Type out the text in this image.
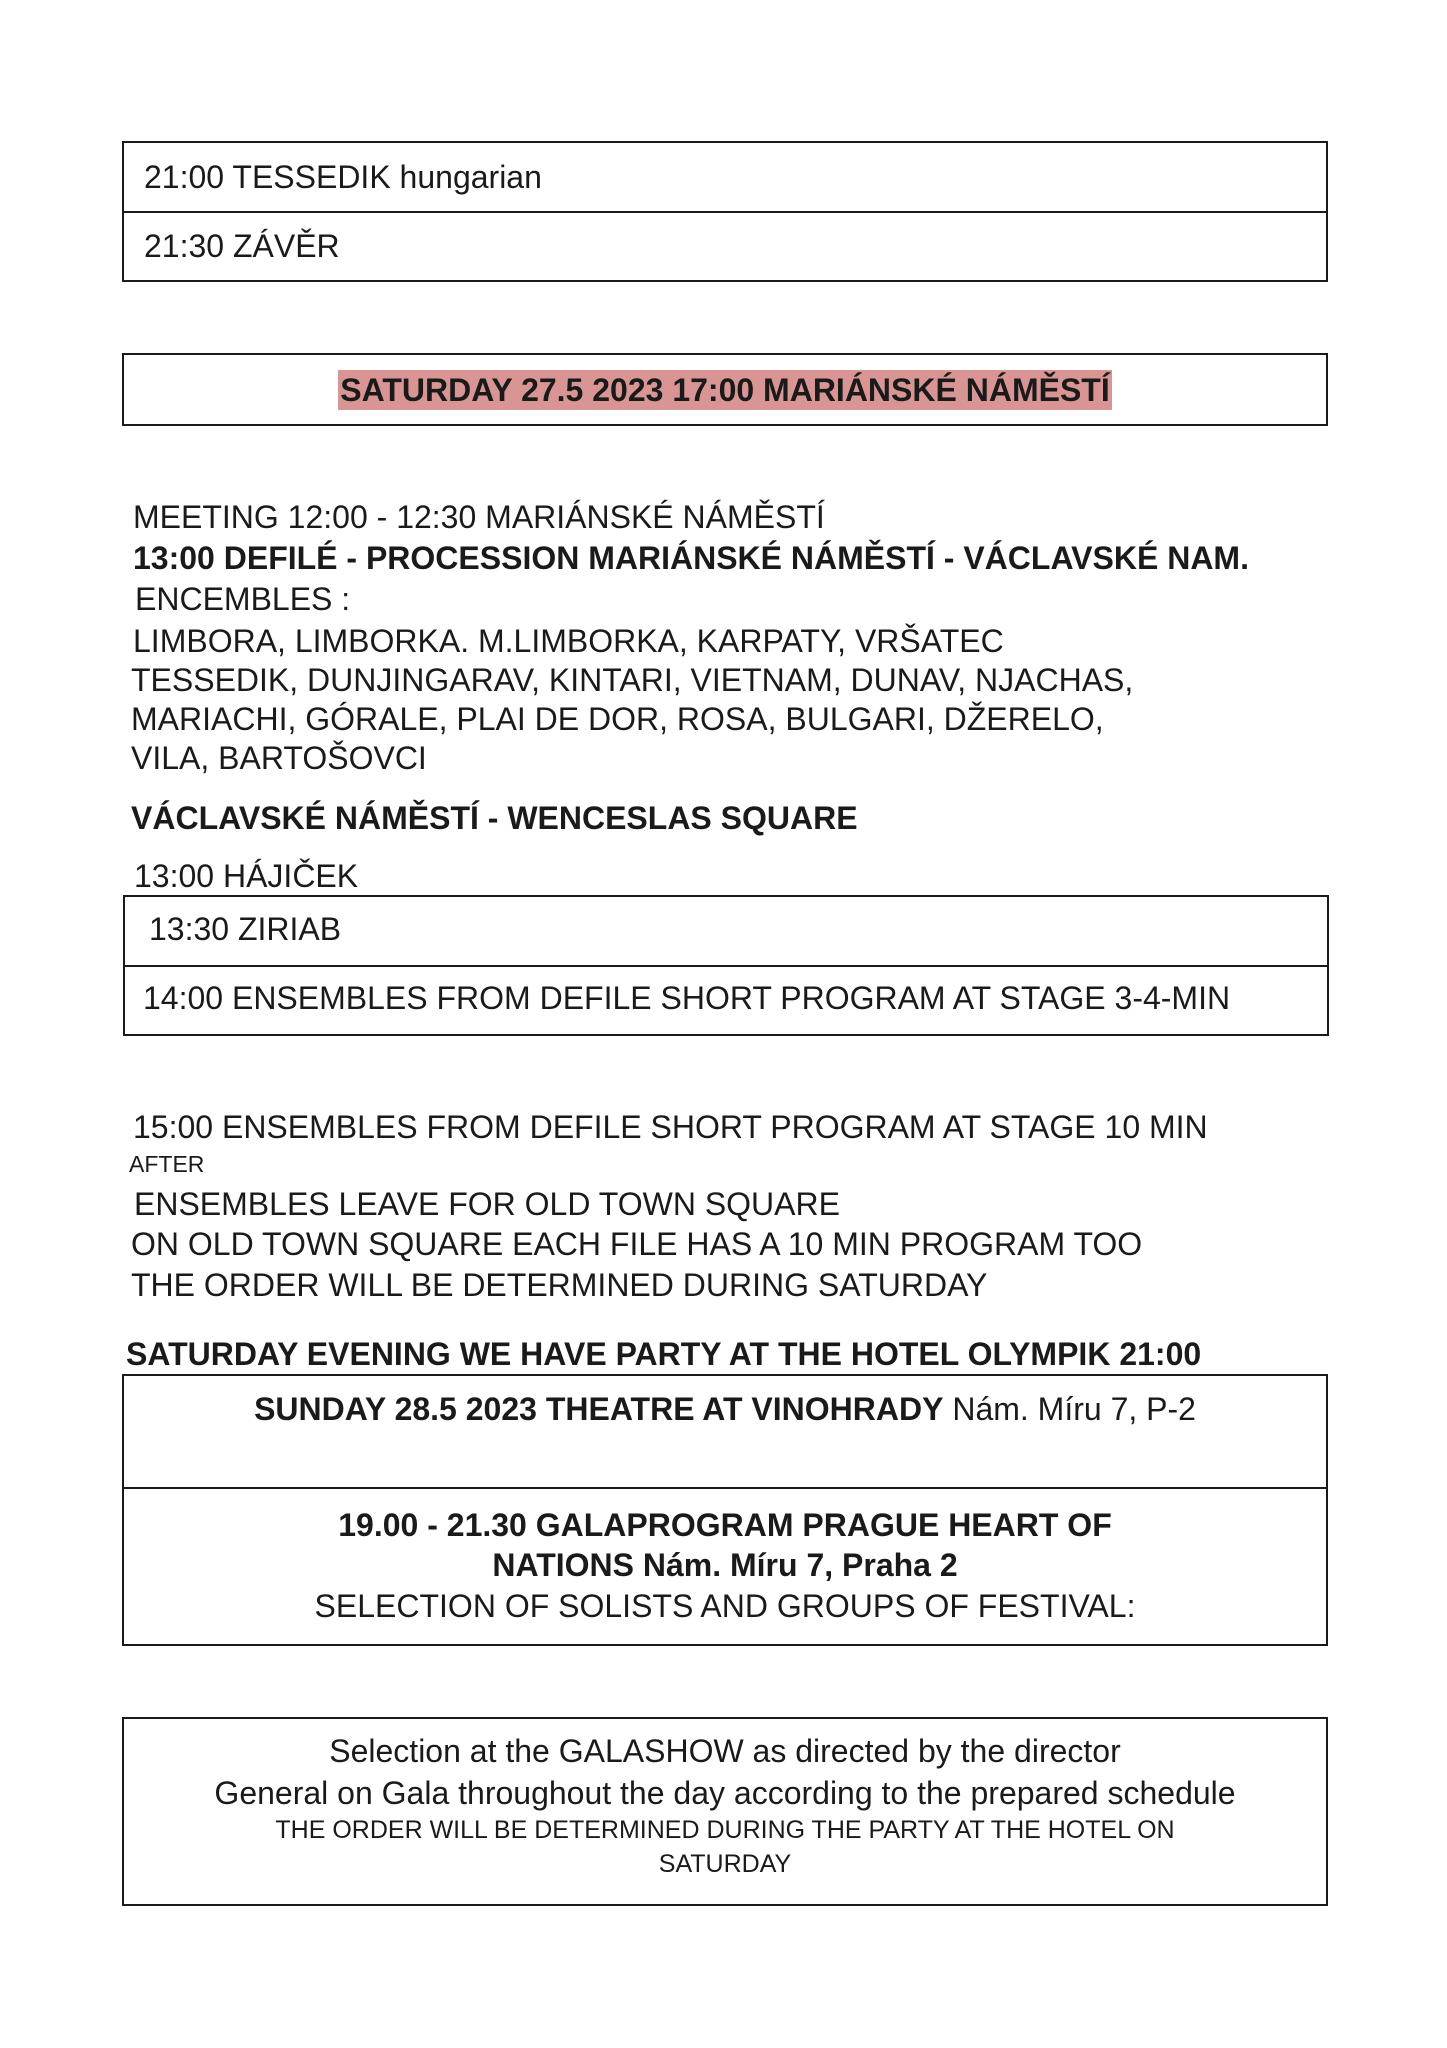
21:00 TESSEDIK hungarian
21:30 ZÁVĚR
SATURDAY 27.5 2023 17:00 MARIÁNSKÉ NÁMĚSTÍ
MEETING 12:00 - 12:30 MARIÁNSKÉ NÁMĚSTÍ
13:00 DEFILÉ - PROCESSION MARIÁNSKÉ NÁMĚSTÍ - VÁCLAVSKÉ NAM.
ENCEMBLES :
LIMBORA, LIMBORKA. M.LIMBORKA, KARPATY, VRŠATEC
TESSEDIK, DUNJINGARAV, KINTARI, VIETNAM, DUNAV, NJACHAS,
MARIACHI, GÓRALE, PLAI DE DOR, ROSA, BULGARI, DŽERELO,
VILA, BARTOŠOVCI
VÁCLAVSKÉ NÁMĚSTÍ - WENCESLAS SQUARE
13:00 HÁJIČEK
13:30 ZIRIAB
14:00 ENSEMBLES FROM DEFILE SHORT PROGRAM AT STAGE 3-4-MIN
15:00 ENSEMBLES FROM DEFILE SHORT PROGRAM AT STAGE 10 MIN
AFTER
ENSEMBLES LEAVE FOR OLD TOWN SQUARE
ON OLD TOWN SQUARE EACH FILE HAS A 10 MIN PROGRAM TOO
THE ORDER WILL BE DETERMINED DURING SATURDAY
SATURDAY EVENING WE HAVE PARTY AT THE HOTEL OLYMPIK 21:00
SUNDAY 28.5 2023 THEATRE AT VINOHRADY Nám. Míru 7, P-2
19.00 - 21.30 GALAPROGRAM PRAGUE HEART OF
NATIONS Nám. Míru 7, Praha 2
SELECTION OF SOLISTS AND GROUPS OF FESTIVAL:
Selection at the GALASHOW as directed by the director
General on Gala throughout the day according to the prepared schedule
THE ORDER WILL BE DETERMINED DURING THE PARTY AT THE HOTEL ON
SATURDAY
